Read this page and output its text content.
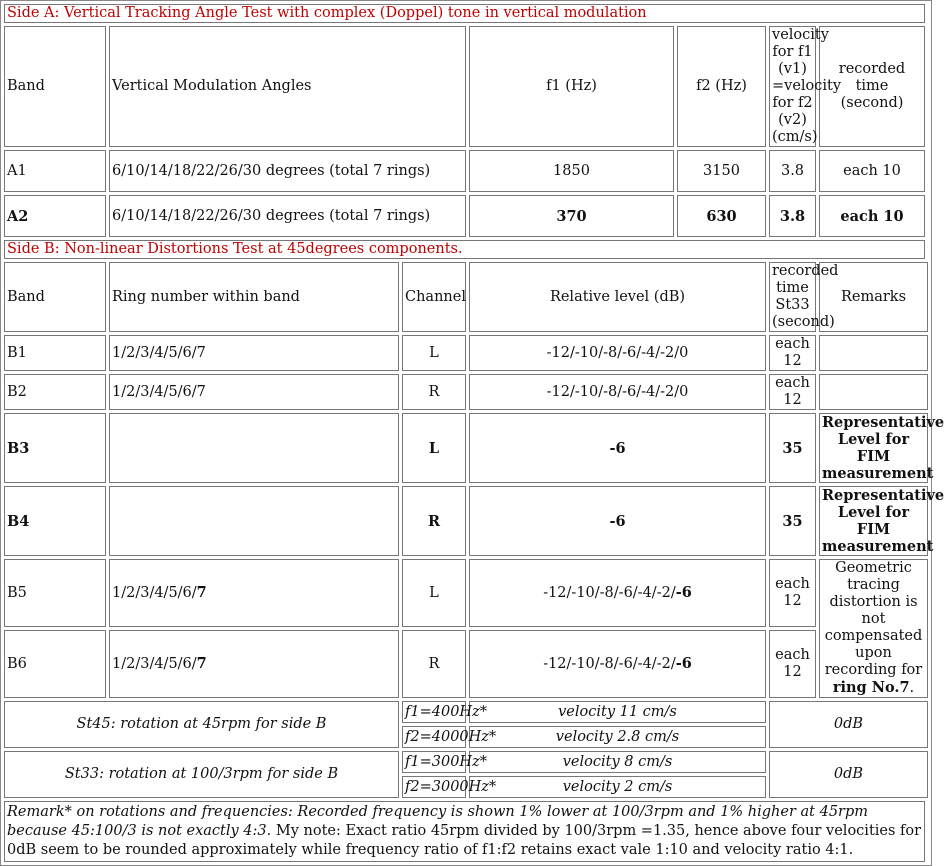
Side A: Vertical Tracking Angle Test with complex (Doppel) tone in vertical modulation							
Band	Vertical Modulation Angles		f1 (Hz)	f2 (Hz)	velocity for f1 (v1) =velocity for f2 (v2) (cm/s)	recorded time (second)	
A1	6/10/14/18/22/26/30 degrees (total 7 rings)		1850	3150	3.8	each 10	
A2	6/10/14/18/22/26/30 degrees (total 7 rings)		370	630	3.8	each 10	
Side B: Non-linear Distortions Test at 45degrees components.							
Band	Ring number within band	Channel	Relative level (dB)		recorded time St33 (second)	Remarks	
B1	1/2/3/4/5/6/7	L	-12/-10/-8/-6/-4/-2/0		each 12		
B2	1/2/3/4/5/6/7	R	-12/-10/-8/-6/-4/-2/0		each 12		
B3		L	-6		35	Representative Level for FIM measurement	
B4		R	-6		35	Representative Level for FIM measurement	
B5	1/2/3/4/5/6/7	L	-12/-10/-8/-6/-4/-2/-6		each 12	Geometric tracing distortion is not compensated upon recording for ring No.7.	
B6	1/2/3/4/5/6/7	R	-12/-10/-8/-6/-4/-2/-6		each 12		
St45: rotation at 45rpm for side B		f1=400Hz*	velocity 11 cm/s		0dB		
		f2=4000Hz*	velocity 2.8 cm/s				
St33: rotation at 100/3rpm for side B		f1=300Hz*	velocity 8 cm/s		0dB		
		f2=3000Hz*	velocity 2 cm/s				
Remark* on rotations and frequencies: Recorded frequency is shown 1% lower at 100/3rpm and 1% higher at 45rpm because 45:100/3 is not exactly 4:3. My note: Exact ratio 45rpm divided by 100/3rpm =1.35, hence above four velocities for 0dB seem to be rounded approximately while frequency ratio of f1:f2 retains exact vale 1:10 and velocity ratio 4:1.							
